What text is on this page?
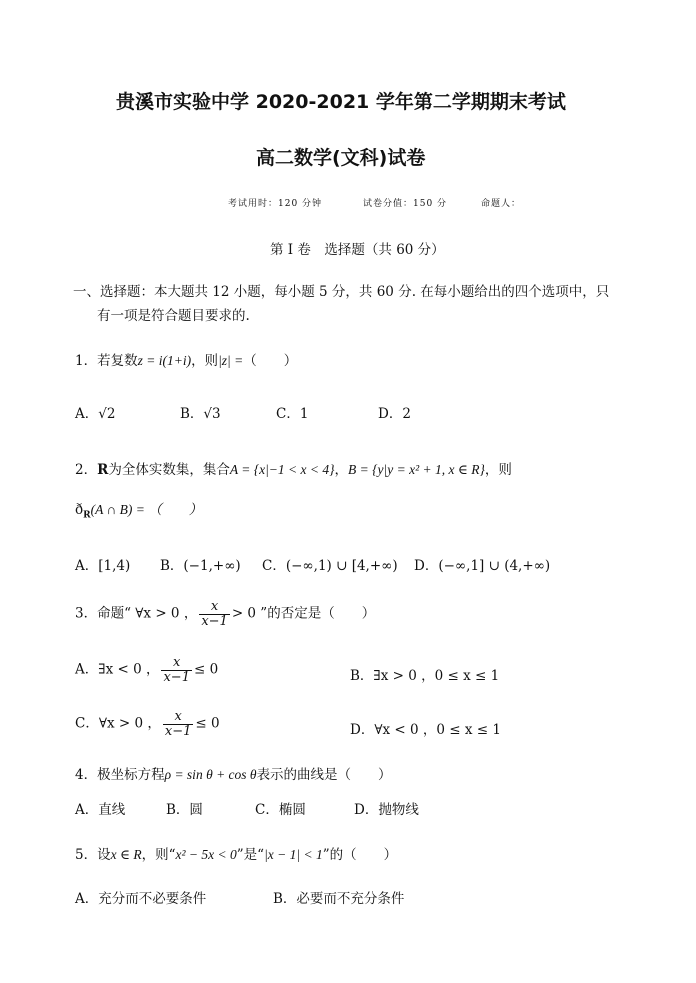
贵溪市实验中学 2020-2021 学年第二学期期末考试
高二数学(文科)试卷
考试用时：120 分钟	试卷分值：150 分	命题人：
第 I 卷　选择题（共 60 分）
一、选择题：本大题共 12 小题，每小题 5 分，共 60 分. 在每小题给出的四个选项中，只
有一项是符合题目要求的.
1．若复数z = i(1+i)，则|z| =（　　）
A．√2	B．√3	C．1	D．2
2．R为全体实数集，集合A = {x|−1 < x < 4}，B = {y|y = x² + 1, x ∈ R}，则
$ð_R(A$ ∩ B) = （　　）
A．[1,4) B．(−1,+∞) C．(−∞,1) ∪ [4,+∞) D．(−∞,1] ∪ (4,+∞)
3．命题“ ∀x > 0 ， $\frac{x}{x-1} > 0$ ”的否定是（　　）
A．∃x < 0 ， $\frac{x}{x-1} \le 0$	B．∃x > 0 ，0 ≤ x ≤ 1
C．∀x > 0 ， $\frac{x}{x-1} \le 0$	D．∀x < 0 ，0 ≤ x ≤ 1
4．极坐标方程ρ = sin θ + cos θ表示的曲线是（　　）
A．直线	B．圆	C．椭圆	D．抛物线
5．设x ∈ R，则“x² − 5x < 0”是“|x − 1| < 1”的（　　）
A．充分而不必要条件	B．必要而不充分条件
